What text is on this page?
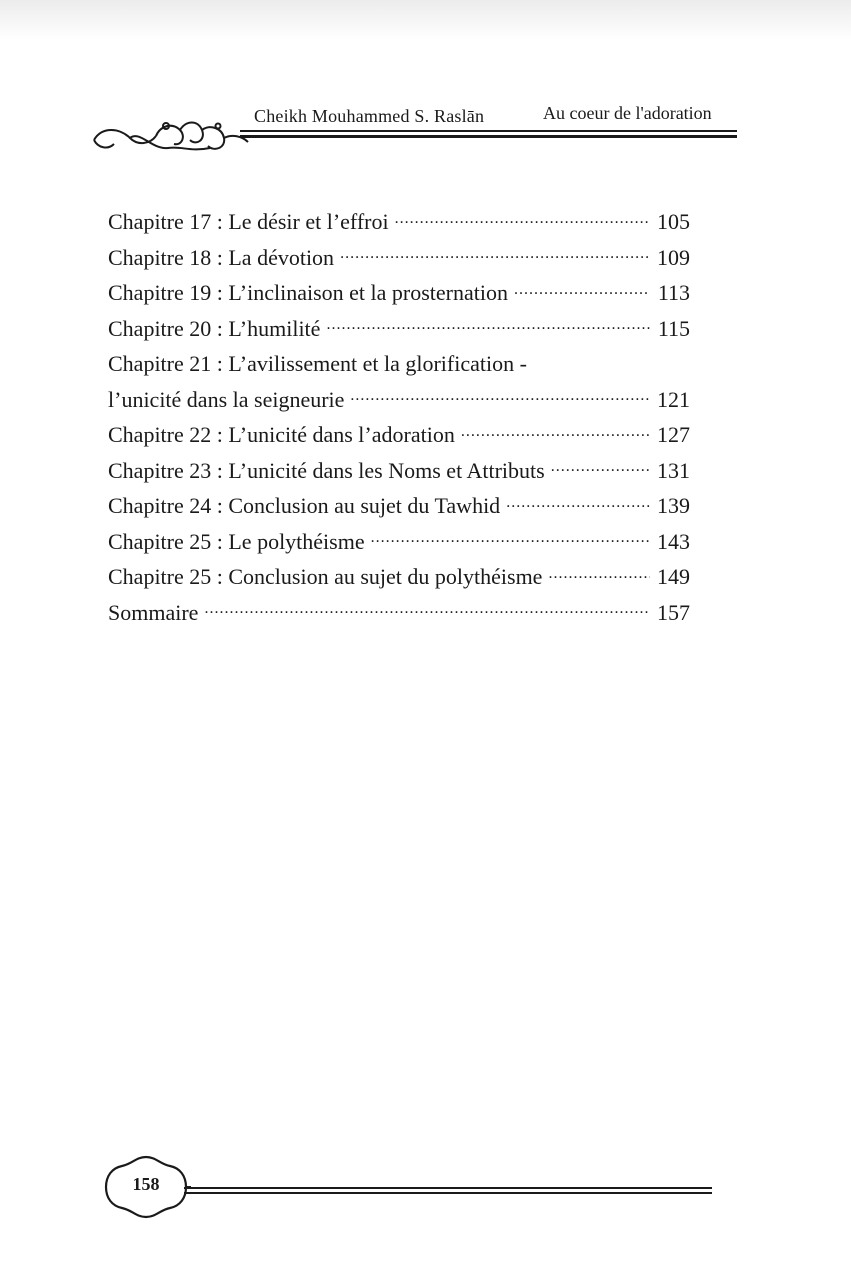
Cheikh Mouhammed S. Raslān	Au coeur de l'adoration
Chapitre 17 : Le désir et l’effroi .....	105
Chapitre 18 : La dévotion .....	109
Chapitre 19 : L’inclinaison et la prosternation .....	113
Chapitre 20 : L’humilité .....	115
Chapitre 21 : L’avilissement et la glorification -
l’unicité dans la seigneurie .....	121
Chapitre 22 : L’unicité dans l’adoration .....	127
Chapitre 23 : L’unicité dans les Noms et Attributs .....	131
Chapitre 24 : Conclusion au sujet du Tawhid .....	139
Chapitre 25 : Le polythéisme .....	143
Chapitre 25 : Conclusion au sujet du polythéisme .....	149
Sommaire .....	157
158
